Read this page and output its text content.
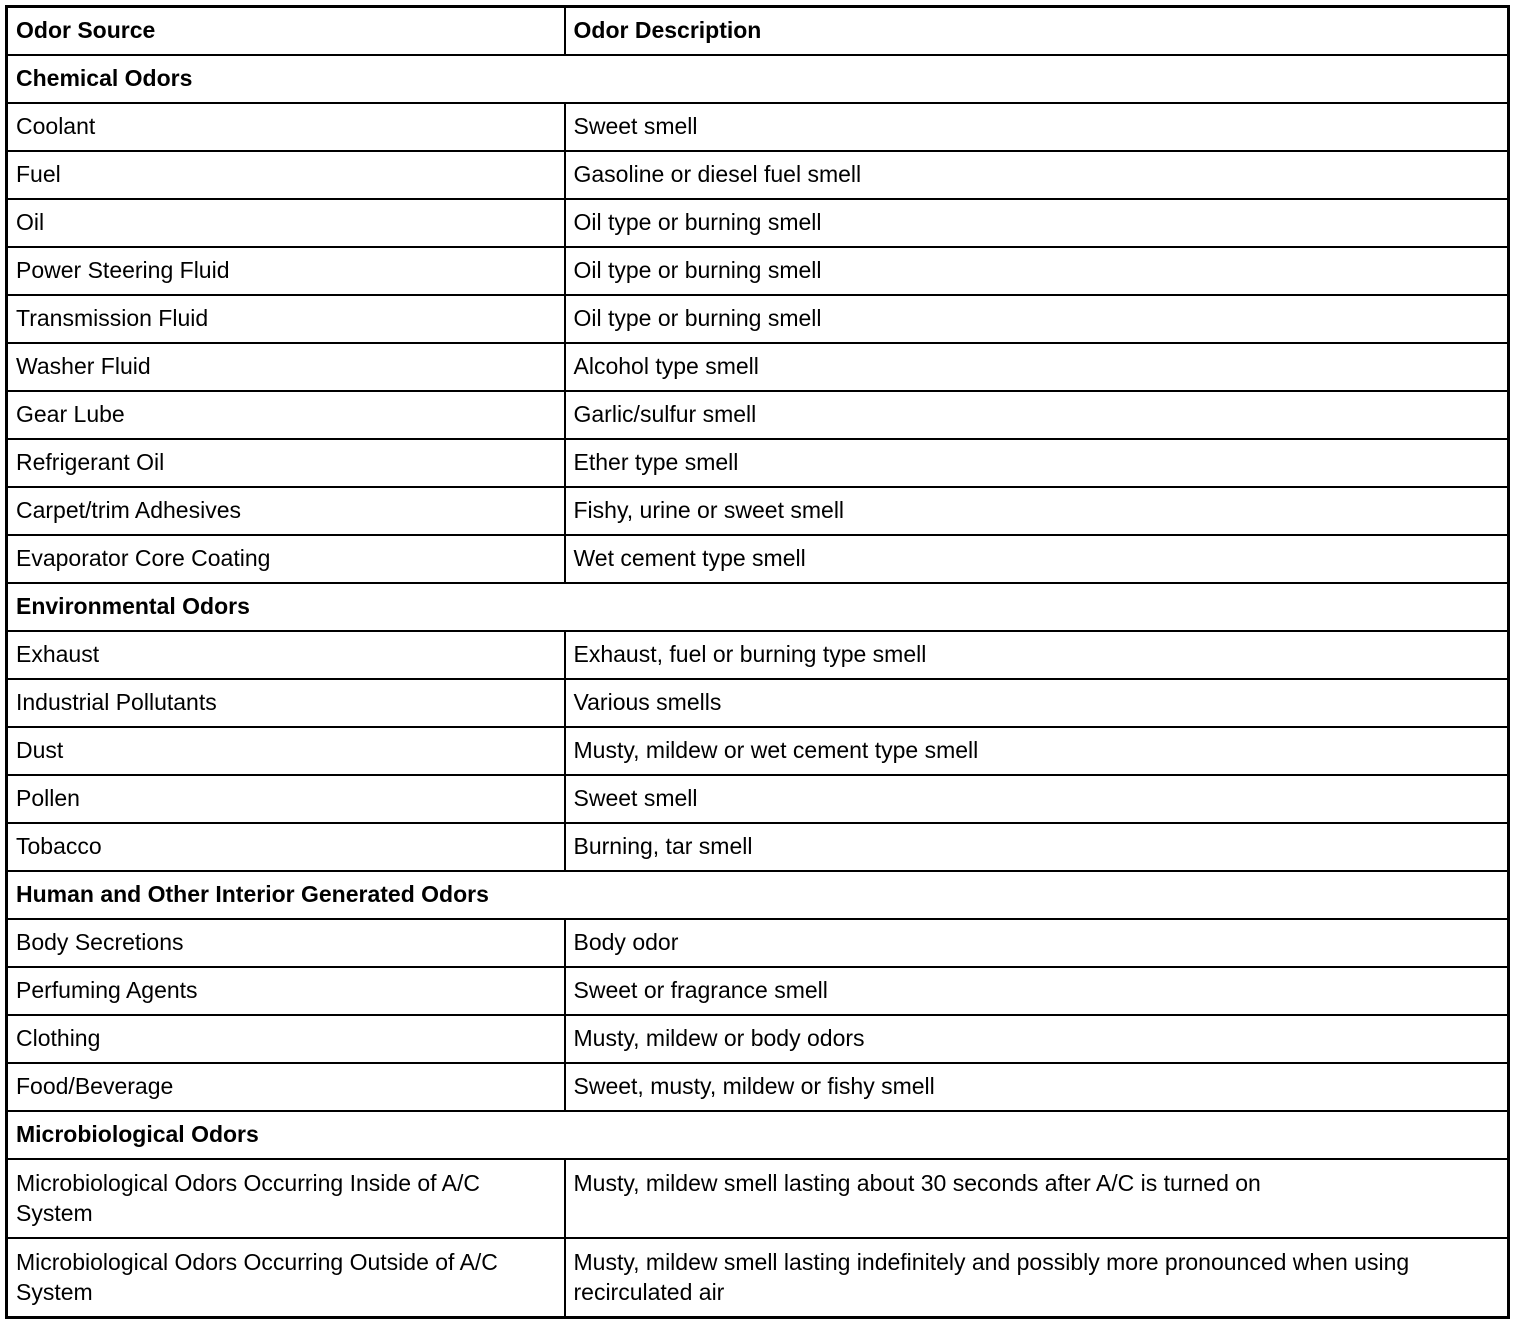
Odor Source	Odor Description
Chemical Odors	
Coolant	Sweet smell
Fuel	Gasoline or diesel fuel smell
Oil	Oil type or burning smell
Power Steering Fluid	Oil type or burning smell
Transmission Fluid	Oil type or burning smell
Washer Fluid	Alcohol type smell
Gear Lube	Garlic/sulfur smell
Refrigerant Oil	Ether type smell
Carpet/trim Adhesives	Fishy, urine or sweet smell
Evaporator Core Coating	Wet cement type smell
Environmental Odors	
Exhaust	Exhaust, fuel or burning type smell
Industrial Pollutants	Various smells
Dust	Musty, mildew or wet cement type smell
Pollen	Sweet smell
Tobacco	Burning, tar smell
Human and Other Interior Generated Odors	
Body Secretions	Body odor
Perfuming Agents	Sweet or fragrance smell
Clothing	Musty, mildew or body odors
Food/Beverage	Sweet, musty, mildew or fishy smell
Microbiological Odors	
Microbiological Odors Occurring Inside of A/C System	Musty, mildew smell lasting about 30 seconds after A/C is turned on
Microbiological Odors Occurring Outside of A/C System	Musty, mildew smell lasting indefinitely and possibly more pronounced when using recirculated air
